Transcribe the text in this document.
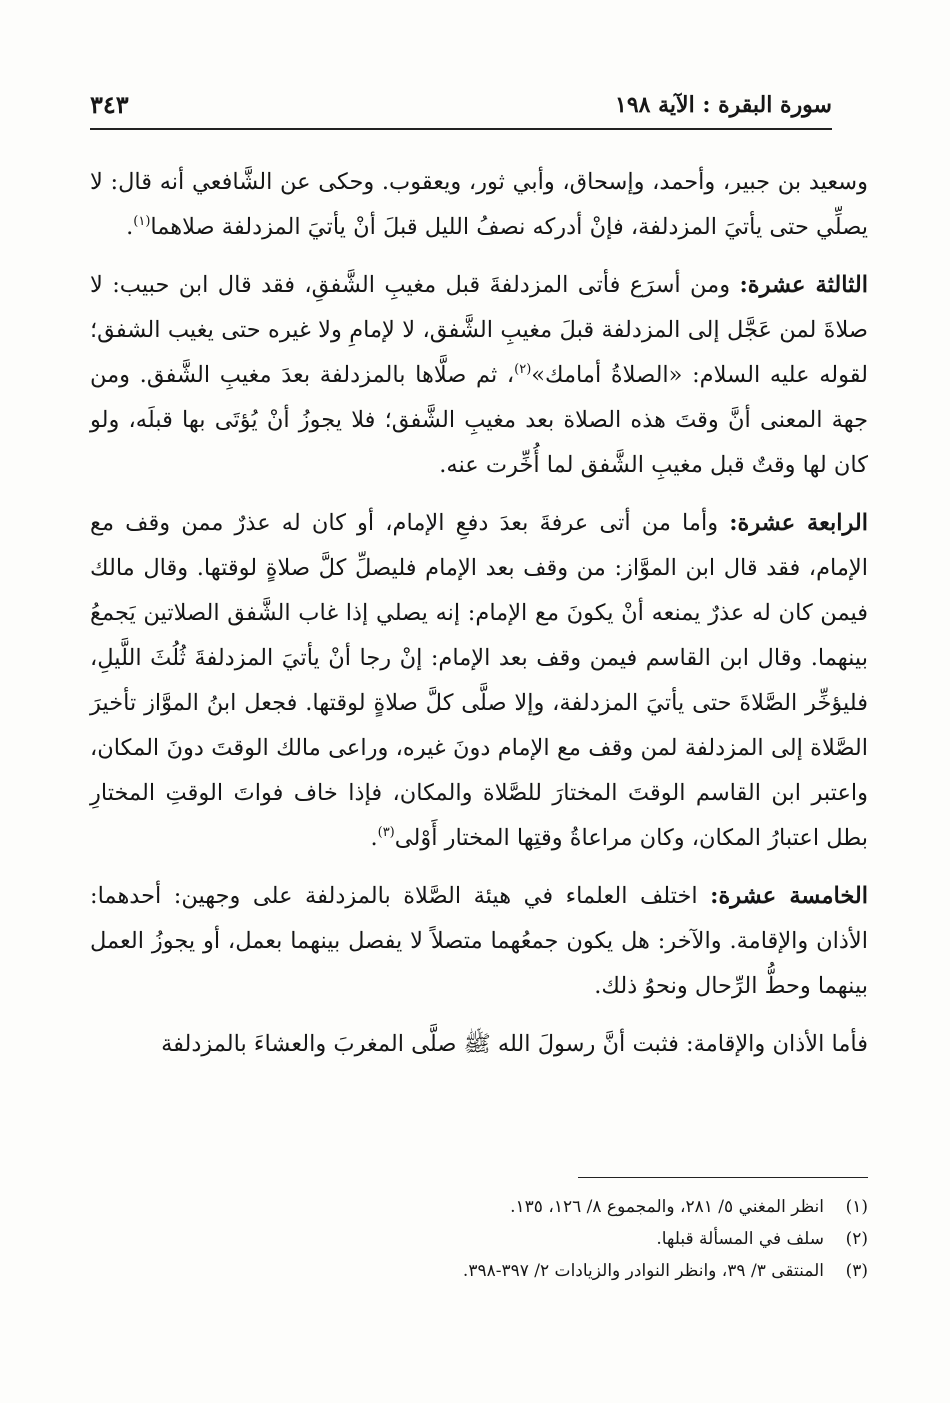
سورة البقرة : الآية ١٩٨
٣٤٣

وسعيد بن جبير، وأحمد، وإسحاق، وأبي ثور، ويعقوب. وحكى عن الشَّافعي أنه قال: لا يصلِّي حتى يأتيَ المزدلفة، فإنْ أدركه نصفُ الليل قبلَ أنْ يأتيَ المزدلفة صلاهما$^{(١)}$.

الثالثة عشرة: ومن أسرَع فأتى المزدلفةَ قبل مغيبِ الشَّفقِ، فقد قال ابن حبيب: لا صلاةَ لمن عَجَّل إلى المزدلفة قبلَ مغيبِ الشَّفق، لا لإمامِ ولا غيره حتى يغيب الشفق؛ لقوله عليه السلام: «الصلاةُ أمامك»$^{(٢)}$، ثم صلَّاها بالمزدلفة بعدَ مغيبِ الشَّفق. ومن جهة المعنى أنَّ وقتَ هذه الصلاة بعد مغيبِ الشَّفق؛ فلا يجوزُ أنْ يُؤتَى بها قبلَه، ولو كان لها وقتٌ قبل مغيبِ الشَّفق لما أُخِّرت عنه.

الرابعة عشرة: وأما من أتى عرفةَ بعدَ دفعِ الإمام، أو كان له عذرٌ ممن وقف مع الإمام، فقد قال ابن الموَّاز: من وقف بعد الإمام فليصلِّ كلَّ صلاةٍ لوقتها. وقال مالك فيمن كان له عذرٌ يمنعه أنْ يكونَ مع الإمام: إنه يصلي إذا غاب الشَّفق الصلاتين يَجمعُ بينهما. وقال ابن القاسم فيمن وقف بعد الإمام: إنْ رجا أنْ يأتيَ المزدلفةَ ثُلُثَ اللَّيلِ، فليؤخِّر الصَّلاةَ حتى يأتيَ المزدلفة، وإلا صلَّى كلَّ صلاةٍ لوقتها. فجعل ابنُ الموَّاز تأخيرَ الصَّلاة إلى المزدلفة لمن وقف مع الإمام دونَ غيره، وراعى مالك الوقتَ دونَ المكان، واعتبر ابن القاسم الوقتَ المختارَ للصَّلاة والمكان، فإذا خاف فواتَ الوقتِ المختارِ بطل اعتبارُ المكان، وكان مراعاةُ وقتِها المختار أَوْلى$^{(٣)}$.

الخامسة عشرة: اختلف العلماء في هيئة الصَّلاة بالمزدلفة على وجهين: أحدهما: الأذان والإقامة. والآخر: هل يكون جمعُهما متصلاً لا يفصل بينهما بعمل، أو يجوزُ العمل بينهما وحطُّ الرِّحال ونحوُ ذلك.

فأما الأذان والإقامة: فثبت أنَّ رسولَ الله ﷺ صلَّى المغربَ والعشاءَ بالمزدلفة

(١)
انظر المغني ٥/ ٢٨١، والمجموع ٨/ ١٢٦، ١٣٥.
(٢)
سلف في المسألة قبلها.
(٣)
المنتقى ٣/ ٣٩، وانظر النوادر والزيادات ٢/ ٣٩٧-٣٩٨.
